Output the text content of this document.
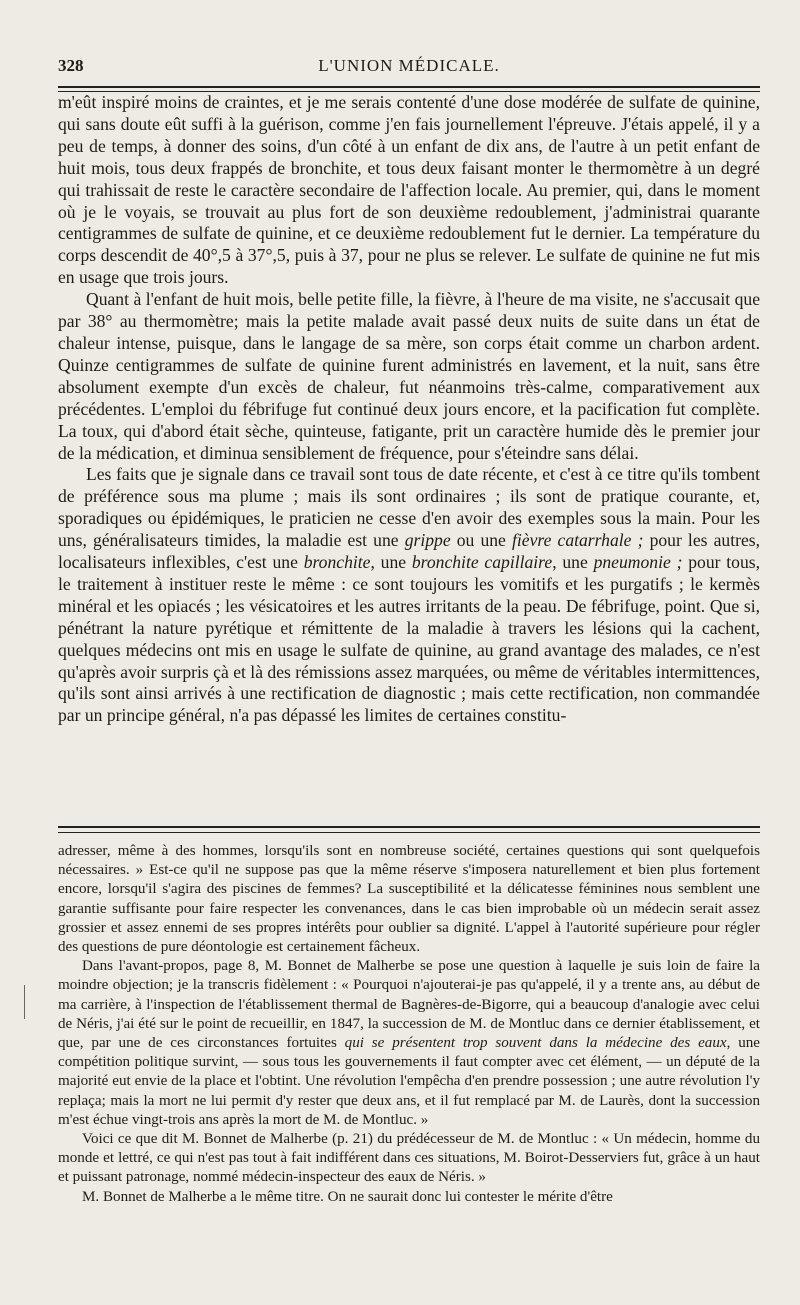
328	L'UNION MÉDICALE.

m'eût inspiré moins de craintes, et je me serais contenté d'une dose modérée de sulfate de quinine, qui sans doute eût suffi à la guérison, comme j'en fais journellement l'épreuve. J'étais appelé, il y a peu de temps, à donner des soins, d'un côté à un enfant de dix ans, de l'autre à un petit enfant de huit mois, tous deux frappés de bronchite, et tous deux faisant monter le thermomètre à un degré qui trahissait de reste le caractère secondaire de l'affection locale. Au premier, qui, dans le moment où je le voyais, se trouvait au plus fort de son deuxième redoublement, j'administrai quarante centigrammes de sulfate de quinine, et ce deuxième redoublement fut le dernier. La température du corps descendit de 40°,5 à 37°,5, puis à 37, pour ne plus se relever. Le sulfate de quinine ne fut mis en usage que trois jours.

Quant à l'enfant de huit mois, belle petite fille, la fièvre, à l'heure de ma visite, ne s'accusait que par 38° au thermomètre; mais la petite malade avait passé deux nuits de suite dans un état de chaleur intense, puisque, dans le langage de sa mère, son corps était comme un charbon ardent. Quinze centigrammes de sulfate de quinine furent administrés en lavement, et la nuit, sans être absolument exempte d'un excès de chaleur, fut néanmoins très-calme, comparativement aux précédentes. L'emploi du fébrifuge fut continué deux jours encore, et la pacification fut complète. La toux, qui d'abord était sèche, quinteuse, fatigante, prit un caractère humide dès le premier jour de la médication, et diminua sensiblement de fréquence, pour s'éteindre sans délai.

Les faits que je signale dans ce travail sont tous de date récente, et c'est à ce titre qu'ils tombent de préférence sous ma plume ; mais ils sont ordinaires ; ils sont de pratique courante, et, sporadiques ou épidémiques, le praticien ne cesse d'en avoir des exemples sous la main. Pour les uns, généralisateurs timides, la maladie est une grippe ou une fièvre catarrhale ; pour les autres, localisateurs inflexibles, c'est une bronchite, une bronchite capillaire, une pneumonie ; pour tous, le traitement à instituer reste le même : ce sont toujours les vomitifs et les purgatifs ; le kermès minéral et les opiacés ; les vésicatoires et les autres irritants de la peau. De fébrifuge, point. Que si, pénétrant la nature pyrétique et rémittente de la maladie à travers les lésions qui la cachent, quelques médecins ont mis en usage le sulfate de quinine, au grand avantage des malades, ce n'est qu'après avoir surpris çà et là des rémissions assez marquées, ou même de véritables intermittences, qu'ils sont ainsi arrivés à une rectification de diagnostic ; mais cette rectification, non commandée par un principe général, n'a pas dépassé les limites de certaines constitu-

adresser, même à des hommes, lorsqu'ils sont en nombreuse société, certaines questions qui sont quelquefois nécessaires. » Est-ce qu'il ne suppose pas que la même réserve s'imposera naturellement et bien plus fortement encore, lorsqu'il s'agira des piscines de femmes? La susceptibilité et la délicatesse féminines nous semblent une garantie suffisante pour faire respecter les convenances, dans le cas bien improbable où un médecin serait assez grossier et assez ennemi de ses propres intérêts pour oublier sa dignité. L'appel à l'autorité supérieure pour régler des questions de pure déontologie est certainement fâcheux.

Dans l'avant-propos, page 8, M. Bonnet de Malherbe se pose une question à laquelle je suis loin de faire la moindre objection; je la transcris fidèlement : « Pourquoi n'ajouterai-je pas qu'appelé, il y a trente ans, au début de ma carrière, à l'inspection de l'établissement thermal de Bagnères-de-Bigorre, qui a beaucoup d'analogie avec celui de Néris, j'ai été sur le point de recueillir, en 1847, la succession de M. de Montluc dans ce dernier établissement, et que, par une de ces circonstances fortuites qui se présentent trop souvent dans la médecine des eaux, une compétition politique survint, — sous tous les gouvernements il faut compter avec cet élément, — un député de la majorité eut envie de la place et l'obtint. Une révolution l'empêcha d'en prendre possession ; une autre révolution l'y replaça; mais la mort ne lui permit d'y rester que deux ans, et il fut remplacé par M. de Laurès, dont la succession m'est échue vingt-trois ans après la mort de M. de Montluc. »

Voici ce que dit M. Bonnet de Malherbe (p. 21) du prédécesseur de M. de Montluc : « Un médecin, homme du monde et lettré, ce qui n'est pas tout à fait indifférent dans ces situations, M. Boirot-Desserviers fut, grâce à un haut et puissant patronage, nommé médecin-inspecteur des eaux de Néris. »

M. Bonnet de Malherbe a le même titre. On ne saurait donc lui contester le mérite d'être
